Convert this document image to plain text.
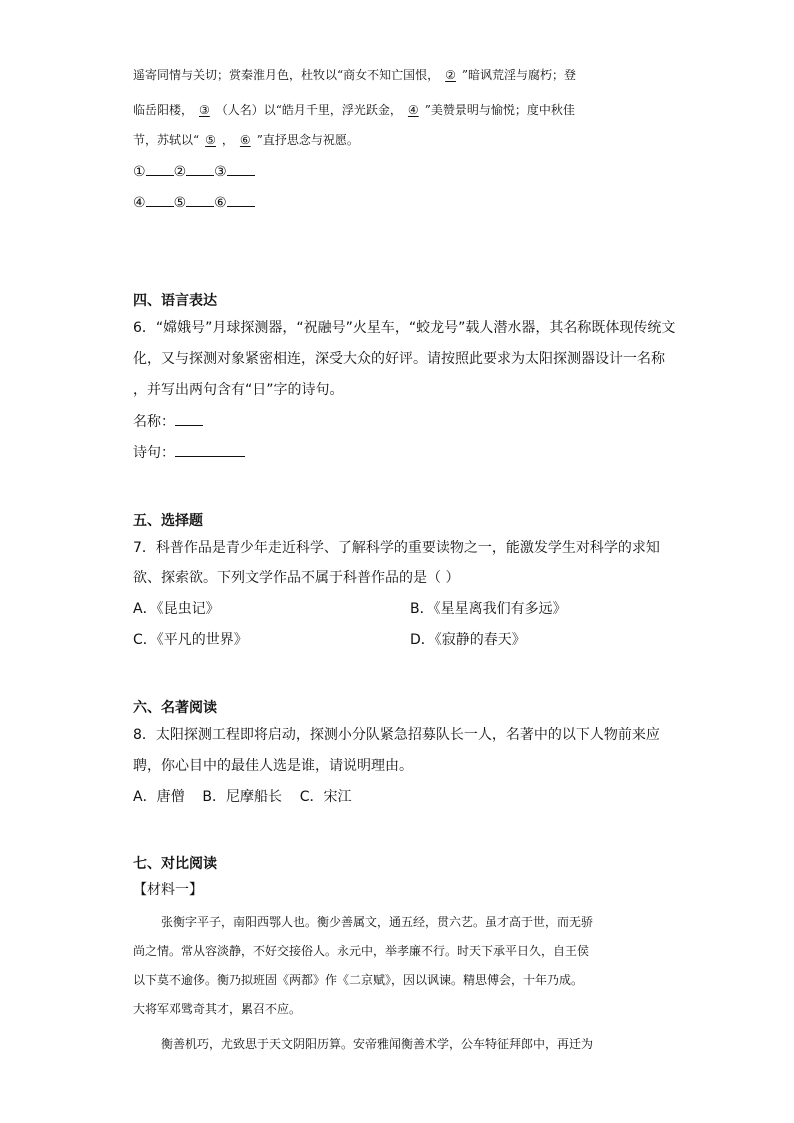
遥寄同情与关切；赏秦淮月色，杜牧以“商女不知亡国恨， ② ”暗讽荒淫与腐朽；登
临岳阳楼， ③ （人名）以“皓月千里，浮光跃金， ④ ”美赞景明与愉悦；度中秋佳
节，苏轼以“ ⑤ ， ⑥ ”直抒思念与祝愿。
① ② ③
④ ⑤ ⑥
四、语言表达
6．“嫦娥号”月球探测器，“祝融号”火星车，“蛟龙号”载人潜水器，其名称既体现传统文
化，又与探测对象紧密相连，深受大众的好评。请按照此要求为太阳探测器设计一名称
，并写出两句含有“日”字的诗句。
名称：
诗句：
五、选择题
7．科普作品是青少年走近科学、了解科学的重要读物之一，能激发学生对科学的求知
欲、探索欲。下列文学作品不属于科普作品的是（ ）
A．《昆虫记》	B．《星星离我们有多远》
C．《平凡的世界》	D．《寂静的春天》
六、名著阅读
8．太阳探测工程即将启动，探测小分队紧急招募队长一人，名著中的以下人物前来应
聘，你心目中的最佳人选是谁，请说明理由。
A．唐僧    B．尼摩船长    C．宋江
七、对比阅读
【材料一】
张衡字平子，南阳西鄂人也。衡少善属文，通五经，贯六艺。虽才高于世，而无骄
尚之情。常从容淡静，不好交接俗人。永元中，举孝廉不行。时天下承平日久，自王侯
以下莫不逾侈。衡乃拟班固《两都》作《二京赋》，因以讽谏。精思傅会，十年乃成。
大将军邓骘奇其才，累召不应。
衡善机巧，尤致思于天文阴阳历算。安帝雅闻衡善术学，公车特征拜郎中，再迁为
